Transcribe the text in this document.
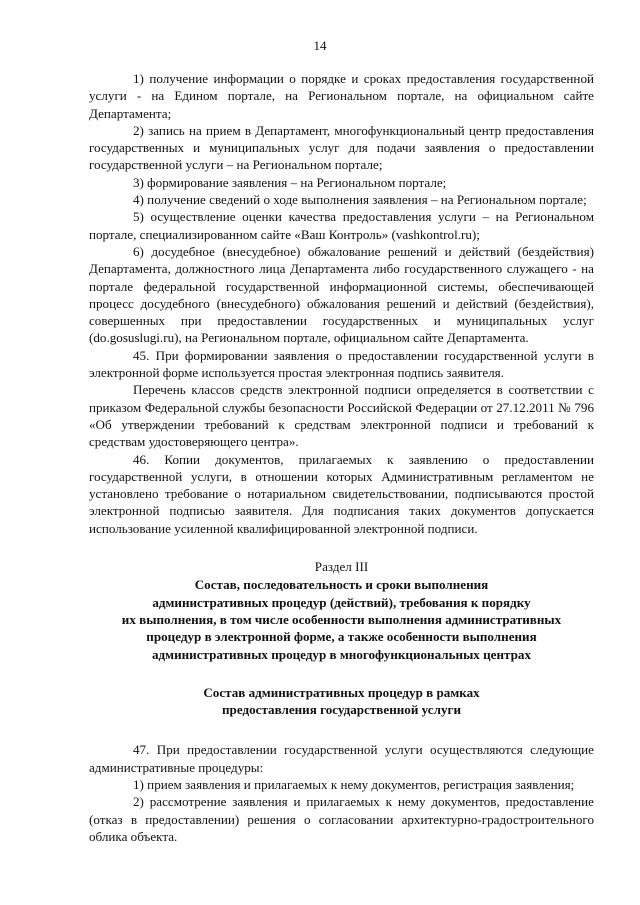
14

1) получение информации о порядке и сроках предоставления государственной услуги - на Едином портале, на Региональном портале, на официальном сайте Департамента;

2) запись на прием в Департамент, многофункциональный центр предоставления государственных и муниципальных услуг для подачи заявления о предоставлении государственной услуги – на Региональном портале;

3) формирование заявления – на Региональном портале;

4) получение сведений о ходе выполнения заявления – на Региональном портале;

5) осуществление оценки качества предоставления услуги – на Региональном портале, специализированном сайте «Ваш Контроль» (vashkontrol.ru);

6) досудебное (внесудебное) обжалование решений и действий (бездействия) Департамента, должностного лица Департамента либо государственного служащего - на портале федеральной государственной информационной системы, обеспечивающей процесс досудебного (внесудебного) обжалования решений и действий (бездействия), совершенных при предоставлении государственных и муниципальных услуг (do.gosuslugi.ru), на Региональном портале, официальном сайте Департамента.

45. При формировании заявления о предоставлении государственной услуги в электронной форме используется простая электронная подпись заявителя.

Перечень классов средств электронной подписи определяется в соответствии с приказом Федеральной службы безопасности Российской Федерации от 27.12.2011 № 796 «Об утверждении требований к средствам электронной подписи и требований к средствам удостоверяющего центра».

46. Копии документов, прилагаемых к заявлению о предоставлении государственной услуги, в отношении которых Административным регламентом не установлено требование о нотариальном свидетельствовании, подписываются простой электронной подписью заявителя. Для подписания таких документов допускается использование усиленной квалифицированной электронной подписи.

Раздел III
Состав, последовательность и сроки выполнения
административных процедур (действий), требования к порядку
их выполнения, в том числе особенности выполнения административных
процедур в электронной форме, а также особенности выполнения
административных процедур в многофункциональных центрах
Состав административных процедур в рамках
предоставления государственной услуги

47. При предоставлении государственной услуги осуществляются следующие административные процедуры:

1) прием заявления и прилагаемых к нему документов, регистрация заявления;

2) рассмотрение заявления и прилагаемых к нему документов, предоставление (отказ в предоставлении) решения о согласовании архитектурно-градостроительного облика объекта.
